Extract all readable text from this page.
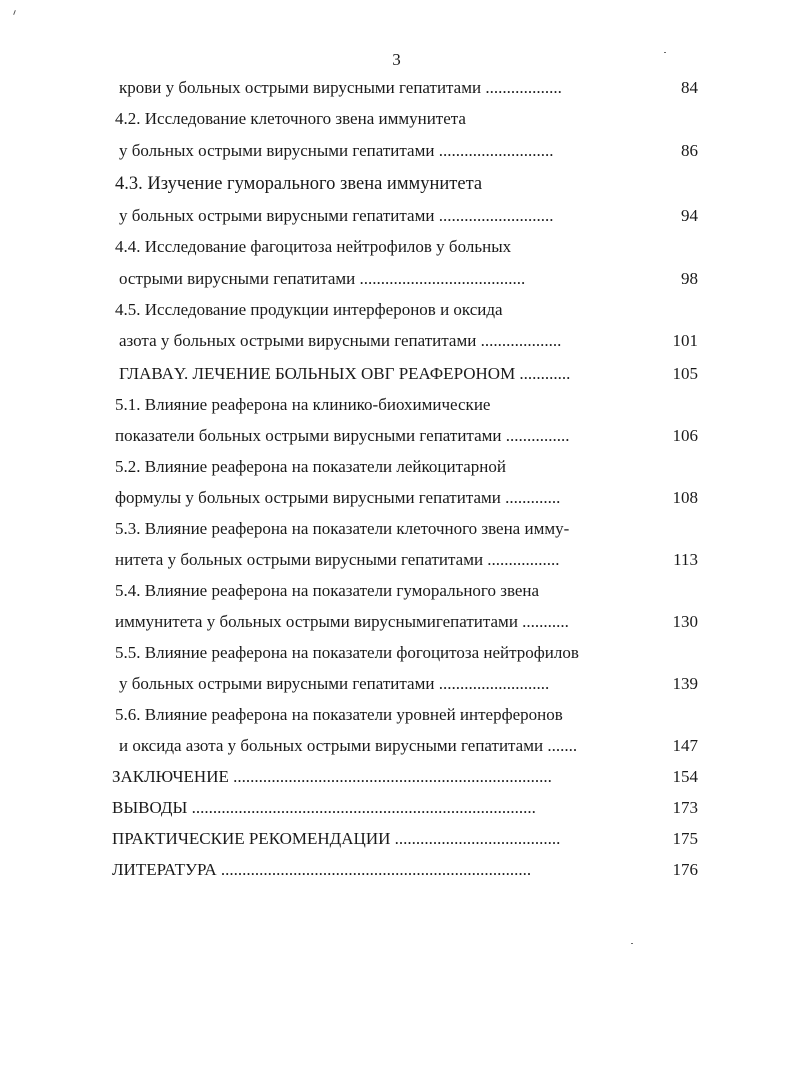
3
крови у больных острыми вирусными гепатитами ..................	84
4.2. Исследование клеточного звена иммунитета
у больных острыми вирусными гепатитами ...........................	86
4.3. Изучение гуморального звена иммунитета
у больных острыми вирусными гепатитами ...........................	94
4.4. Исследование фагоцитоза нейтрофилов у больных
острыми вирусными гепатитами .......................................	98
4.5. Исследование продукции интерферонов и оксида
азота у больных острыми вирусными гепатитами ...................	101
ГЛАВАY. ЛЕЧЕНИЕ БОЛЬНЫХ ОВГ РЕАФЕРОНОМ ............	105
5.1. Влияние реаферона на клинико-биохимические
показатели больных острыми вирусными гепатитами ...............	106
5.2. Влияние реаферона на показатели лейкоцитарной
формулы у больных острыми вирусными гепатитами .............	108
5.3. Влияние реаферона на показатели клеточного звена имму-
нитета у больных острыми вирусными гепатитами .................	113
5.4. Влияние реаферона на показатели гуморального звена
иммунитета у больных острыми вируснымигепатитами ...........	130
5.5. Влияние реаферона на показатели фогоцитоза нейтрофилов
у больных острыми вирусными гепатитами ..........................	139
5.6. Влияние реаферона на показатели уровней интерферонов
и оксида азота у больных острыми вирусными гепатитами .......	147
ЗАКЛЮЧЕНИЕ ...........................................................................	154
ВЫВОДЫ .................................................................................	173
ПРАКТИЧЕСКИЕ РЕКОМЕНДАЦИИ .......................................	175
ЛИТЕРАТУРА .........................................................................	176
